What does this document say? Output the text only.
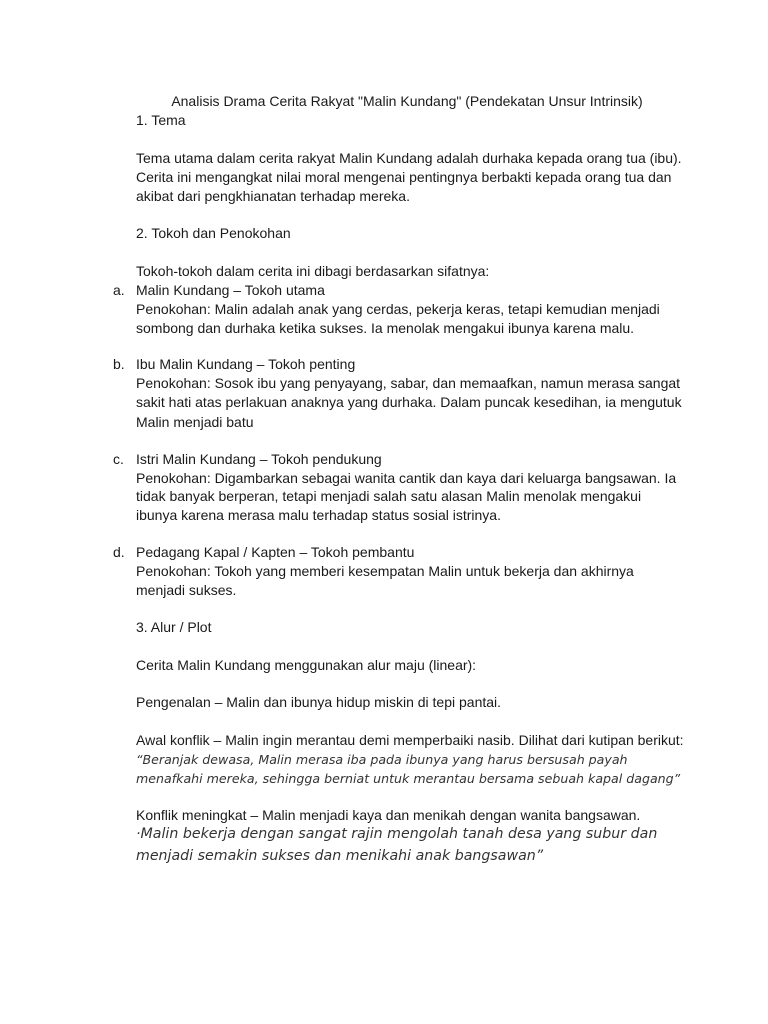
Analisis Drama Cerita Rakyat "Malin Kundang" (Pendekatan Unsur Intrinsik)
1. Tema
Tema utama dalam cerita rakyat Malin Kundang adalah durhaka kepada orang tua (ibu).
Cerita ini mengangkat nilai moral mengenai pentingnya berbakti kepada orang tua dan
akibat dari pengkhianatan terhadap mereka.
2. Tokoh dan Penokohan
Tokoh-tokoh dalam cerita ini dibagi berdasarkan sifatnya:
a. Malin Kundang – Tokoh utama
Penokohan: Malin adalah anak yang cerdas, pekerja keras, tetapi kemudian menjadi
sombong dan durhaka ketika sukses. Ia menolak mengakui ibunya karena malu.
b. Ibu Malin Kundang – Tokoh penting
Penokohan: Sosok ibu yang penyayang, sabar, dan memaafkan, namun merasa sangat
sakit hati atas perlakuan anaknya yang durhaka. Dalam puncak kesedihan, ia mengutuk
Malin menjadi batu
c. Istri Malin Kundang – Tokoh pendukung
Penokohan: Digambarkan sebagai wanita cantik dan kaya dari keluarga bangsawan. Ia
tidak banyak berperan, tetapi menjadi salah satu alasan Malin menolak mengakui
ibunya karena merasa malu terhadap status sosial istrinya.
d. Pedagang Kapal / Kapten – Tokoh pembantu
Penokohan: Tokoh yang memberi kesempatan Malin untuk bekerja dan akhirnya
menjadi sukses.
3. Alur / Plot
Cerita Malin Kundang menggunakan alur maju (linear):
Pengenalan – Malin dan ibunya hidup miskin di tepi pantai.
Awal konflik – Malin ingin merantau demi memperbaiki nasib. Dilihat dari kutipan berikut:
“Beranjak dewasa, Malin merasa iba pada ibunya yang harus bersusah payah
menafkahi mereka, sehingga berniat untuk merantau bersama sebuah kapal dagang”
Konflik meningkat – Malin menjadi kaya dan menikah dengan wanita bangsawan.
·Malin bekerja dengan sangat rajin mengolah tanah desa yang subur dan
menjadi semakin sukses dan menikahi anak bangsawan”
